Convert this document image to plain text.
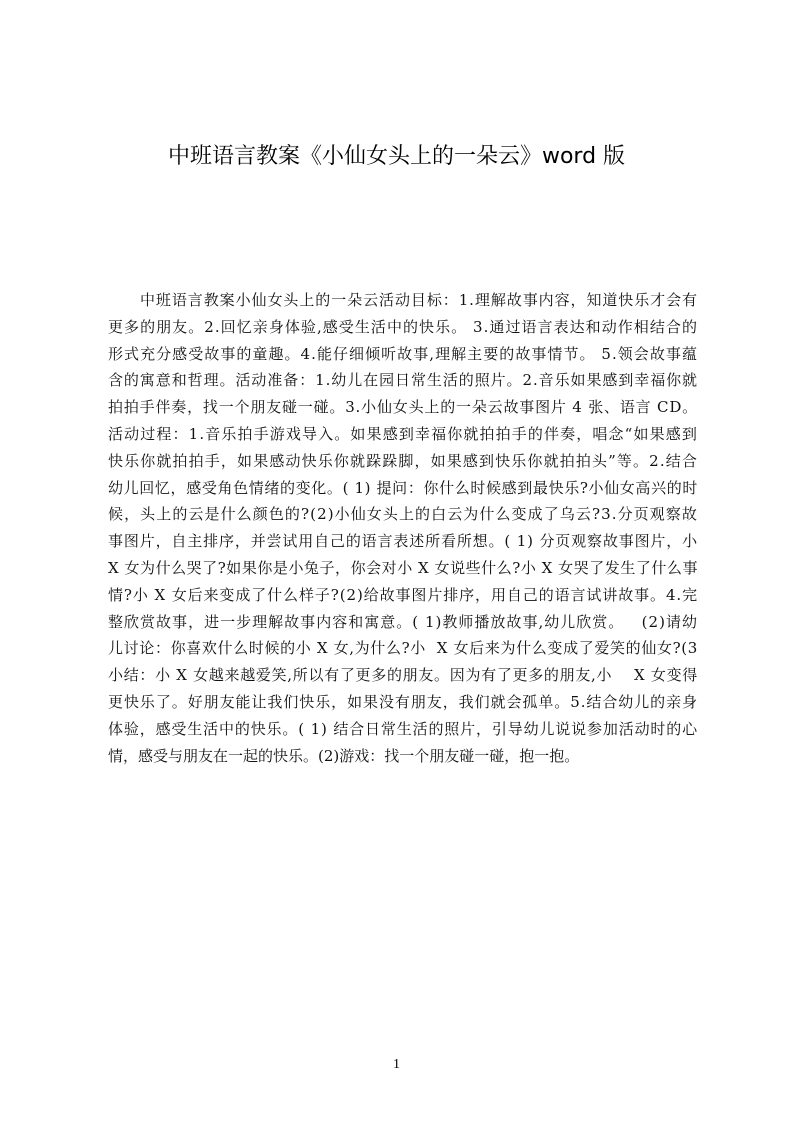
中班语言教案《小仙女头上的一朵云》word 版
中班语言教案小仙女头上的一朵云活动目标：1.理解故事内容，知道快乐才会有
更多的朋友。2.回忆亲身体验,感受生活中的快乐。 3.通过语言表达和动作相结合的
形式充分感受故事的童趣。4.能仔细倾听故事,理解主要的故事情节。 5.领会故事蕴
含的寓意和哲理。活动准备：1.幼儿在园日常生活的照片。2.音乐如果感到幸福你就
拍拍手伴奏，找一个朋友碰一碰。3.小仙女头上的一朵云故事图片 4 张、语言 CD。
活动过程：1.音乐拍手游戏导入。如果感到幸福你就拍拍手的伴奏，唱念“如果感到
快乐你就拍拍手，如果感动快乐你就跺跺脚，如果感到快乐你就拍拍头”等。2.结合
幼儿回忆，感受角色情绪的变化。( 1) 提问：你什么时候感到最快乐?小仙女高兴的时
候，头上的云是什么颜色的?(2)小仙女头上的白云为什么变成了乌云?3.分页观察故
事图片，自主排序，并尝试用自己的语言表述所看所想。( 1) 分页观察故事图片，小
X 女为什么哭了?如果你是小兔子，你会对小 X 女说些什么?小 X 女哭了发生了什么事
情?小 X 女后来变成了什么样子?(2)给故事图片排序，用自己的语言试讲故事。4.完
整欣赏故事，进一步理解故事内容和寓意。( 1)教师播放故事,幼儿欣赏。   (2)请幼
儿讨论：你喜欢什么时候的小 X 女,为什么?小  X 女后来为什么变成了爱笑的仙女?(3
小结：小 X 女越来越爱笑,所以有了更多的朋友。因为有了更多的朋友,小    X 女变得
更快乐了。好朋友能让我们快乐，如果没有朋友，我们就会孤单。5.结合幼儿的亲身
体验，感受生活中的快乐。( 1) 结合日常生活的照片，引导幼儿说说参加活动时的心
情，感受与朋友在一起的快乐。(2)游戏：找一个朋友碰一碰，抱一抱。
1
